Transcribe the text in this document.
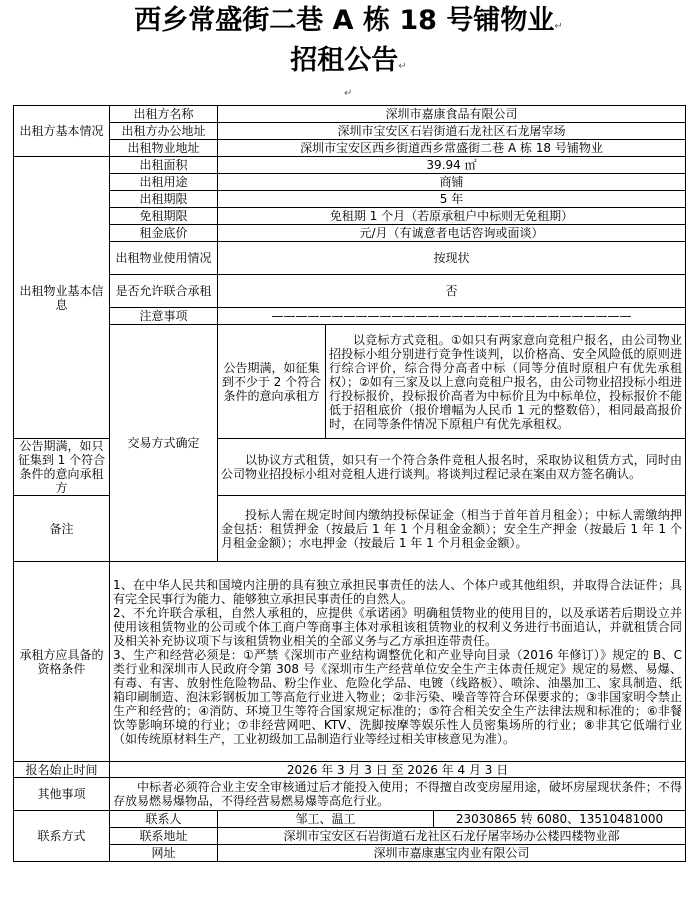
西乡常盛街二巷 A 栋 18 号铺物业↵
招租公告↵
↵
出租方基本情况	出租方名称	深圳市嘉康食品有限公司		
	出租方办公地址	深圳市宝安区石岩街道石龙社区石龙屠宰场		
	出租物业地址	深圳市宝安区西乡街道西乡常盛街二巷 A 栋 18 号铺物业		
出租物业基本信息	出租面积	39.94 ㎡		
	出租用途	商铺		
	出租期限	5 年		
	免租期限	免租期 1 个月（若原承租户中标则无免租期）		
	租金底价	元/月（有诚意者电话咨询或面谈）		
	出租物业使用情况	按现状		
	是否允许联合承租	否		
	注意事项	——————————————————————————————		
	交易方式确定	公告期满，如征集到不少于 2 个符合条件的意向承租方	以竞标方式竞租。①如只有两家意向竞租户报名，由公司物业招投标小组分别进行竞争性谈判，以价格高、安全风险低的原则进行综合评价，综合得分高者中标（同等分值时原租户有优先承租权）；②如有三家及以上意向竞租户报名，由公司物业招投标小组进行投标报价，投标报价高者为中标价且为中标单位，投标报价不能低于招租底价（报价增幅为人民币 1 元的整数倍），相同最高报价时，在同等条件情况下原租户有优先承租权。	
公告期满，如只征集到 1 个符合条件的意向承租方		以协议方式租赁，如只有一个符合条件竞租人报名时，采取协议租赁方式，同时由公司物业招投标小组对竞租人进行谈判。将谈判过程记录在案由双方签名确认。		
备注		投标人需在规定时间内缴纳投标保证金（相当于首年首月租金）；中标人需缴纳押金包括：租赁押金（按最后 1 年 1 个月租金金额）；安全生产押金（按最后 1 年 1 个月租金金额）；水电押金（按最后 1 年 1 个月租金金额）。		
承租方应具备的资格条件	1、在中华人民共和国境内注册的具有独立承担民事责任的法人、个体户或其他组织，并取得合法证件；具有完全民事行为能力、能够独立承担民事责任的自然人。
2、不允许联合承租，自然人承租的，应提供《承诺函》明确租赁物业的使用目的，以及承诺若后期设立并使用该租赁物业的公司或个体工商户等商事主体对承租该租赁物业的权利义务进行书面追认，并就租赁合同及相关补充协议项下与该租赁物业相关的全部义务与乙方承担连带责任。
3、生产和经营必须是：①严禁《深圳市产业结构调整优化和产业导向目录（2016 年修订）》规定的 B、C 类行业和深圳市人民政府令第 308 号《深圳市生产经营单位安全生产主体责任规定》规定的易燃、易爆、有毒、有害、放射性危险物品、粉尘作业、危险化学品、电镀（线路板）、喷涂、油墨加工、家具制造、纸箱印刷制造、泡沫彩钢板加工等高危行业进入物业；②非污染、噪音等符合环保要求的；③非国家明令禁止生产和经营的；④消防、环境卫生等符合国家规定标准的；⑤符合相关安全生产法律法规和标准的；⑥非餐饮等影响环境的行业；⑦非经营网吧、KTV、洗脚按摩等娱乐性人员密集场所的行业；⑧非其它低端行业（如传统原材料生产，工业初级加工品制造行业等经过相关审核意见为准）。			

报名始止时间	2026 年 3 月 3 日 至 2026 年 4 月 3 日			
其他事项	中标者必须符合业主安全审核通过后才能投入使用；不得擅自改变房屋用途，破坏房屋现状条件；不得存放易燃易爆物品，不得经营易燃易爆等高危行业。			
联系方式	联系人	邹工、温工		23030865 转 6080、13510481000
	联系地址	深圳市宝安区石岩街道石龙社区石龙仔屠宰场办公楼四楼物业部		
	网址	深圳市嘉康惠宝肉业有限公司		
